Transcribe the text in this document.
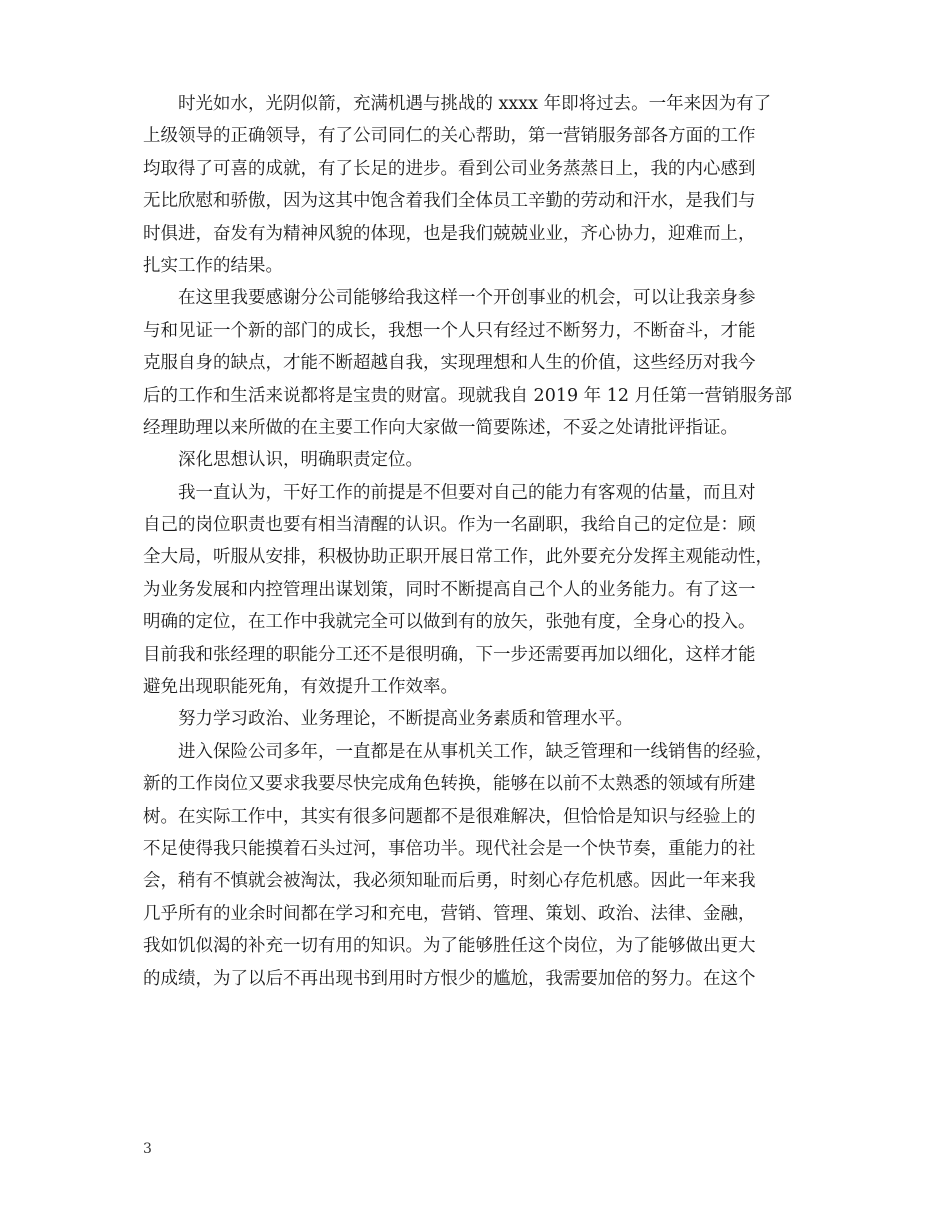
时光如水，光阴似箭，充满机遇与挑战的 xxxx 年即将过去。一年来因为有了
上级领导的正确领导，有了公司同仁的关心帮助，第一营销服务部各方面的工作
均取得了可喜的成就，有了长足的进步。看到公司业务蒸蒸日上，我的内心感到
无比欣慰和骄傲，因为这其中饱含着我们全体员工辛勤的劳动和汗水，是我们与
时俱进，奋发有为精神风貌的体现，也是我们兢兢业业，齐心协力，迎难而上，
扎实工作的结果。
在这里我要感谢分公司能够给我这样一个开创事业的机会，可以让我亲身参
与和见证一个新的部门的成长，我想一个人只有经过不断努力，不断奋斗，才能
克服自身的缺点，才能不断超越自我，实现理想和人生的价值，这些经历对我今
后的工作和生活来说都将是宝贵的财富。现就我自 2019 年 12 月任第一营销服务部
经理助理以来所做的在主要工作向大家做一简要陈述，不妥之处请批评指证。
深化思想认识，明确职责定位。
我一直认为，干好工作的前提是不但要对自己的能力有客观的估量，而且对
自己的岗位职责也要有相当清醒的认识。作为一名副职，我给自己的定位是：顾
全大局，听服从安排，积极协助正职开展日常工作，此外要充分发挥主观能动性，
为业务发展和内控管理出谋划策，同时不断提高自己个人的业务能力。有了这一
明确的定位，在工作中我就完全可以做到有的放矢，张弛有度，全身心的投入。
目前我和张经理的职能分工还不是很明确，下一步还需要再加以细化，这样才能
避免出现职能死角，有效提升工作效率。
努力学习政治、业务理论，不断提高业务素质和管理水平。
进入保险公司多年，一直都是在从事机关工作，缺乏管理和一线销售的经验，
新的工作岗位又要求我要尽快完成角色转换，能够在以前不太熟悉的领域有所建
树。在实际工作中，其实有很多问题都不是很难解决，但恰恰是知识与经验上的
不足使得我只能摸着石头过河，事倍功半。现代社会是一个快节奏，重能力的社
会，稍有不慎就会被淘汰，我必须知耻而后勇，时刻心存危机感。因此一年来我
几乎所有的业余时间都在学习和充电，营销、管理、策划、政治、法律、金融，
我如饥似渴的补充一切有用的知识。为了能够胜任这个岗位，为了能够做出更大
的成绩，为了以后不再出现书到用时方恨少的尴尬，我需要加倍的努力。在这个
3
